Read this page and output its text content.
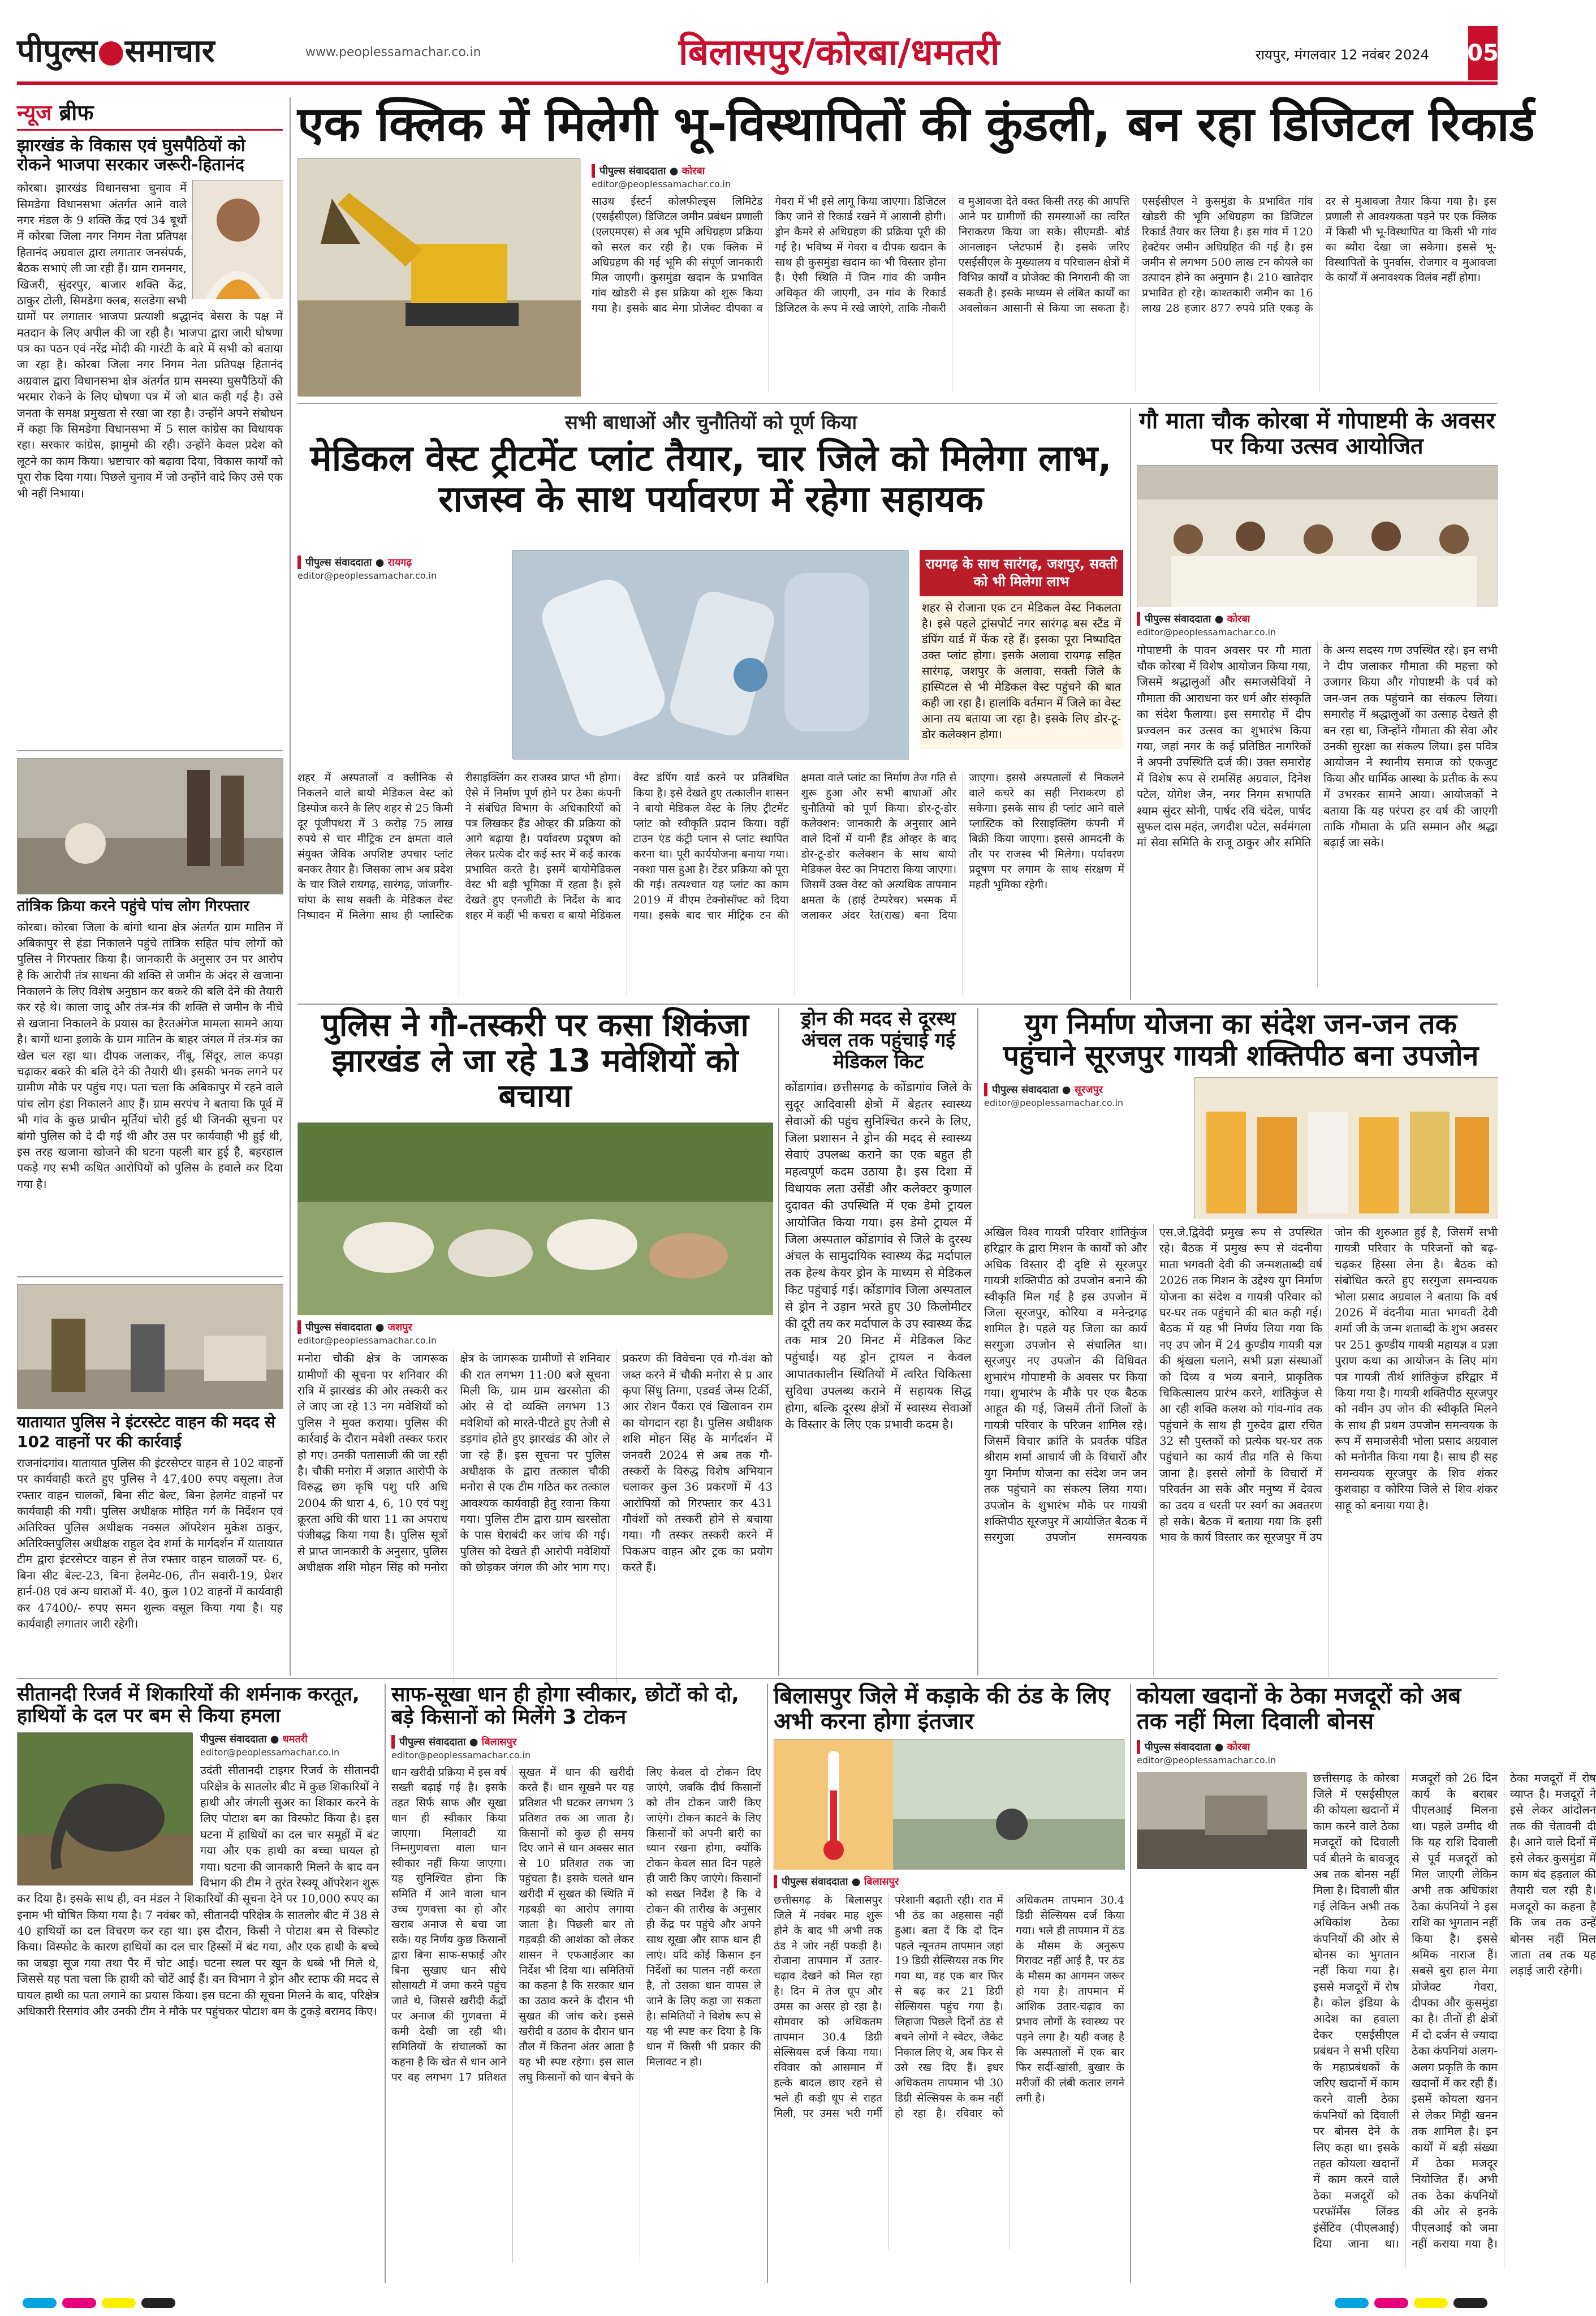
पीपुल्स●समाचार	www.peoplessamachar.co.in	बिलासपुर/कोरबा/धमतरी	रायपुर, मंगलवार 12 नवंबर 2024 05
न्यूज ब्रीफ
झारखंड के विकास एवं घुसपैठियों को रोकने भाजपा सरकार जरूरी-हितानंद
कोरबा। झारखंड विधानसभा चुनाव में सिमडेगा विधानसभा अंतर्गत आने वाले नगर मंडल के 9 शक्ति केंद्र एवं 34 बूथों में कोरबा जिला नगर निगम नेता प्रतिपक्ष हितानंद अग्रवाल द्वारा लगातार जनसंपर्क, बैठक सभाएं ली जा रही हैं। ग्राम रामनगर, खिजरी, सुंदरपुर, बाजार शक्ति केंद्र, ठाकुर टोली, सिमडेगा क्लब, सलडेगा सभी ग्रामों पर लगातार भाजपा प्रत्याशी श्रद्धानंद बेसरा के पक्ष में मतदान के लिए अपील की जा रही है। भाजपा द्वारा जारी घोषणा पत्र का पठन एवं नरेंद्र मोदी की गारंटी के बारे में सभी को बताया जा रहा है। कोरबा जिला नगर निगम नेता प्रतिपक्ष हितानंद अग्रवाल द्वारा विधानसभा क्षेत्र अंतर्गत ग्राम समस्या घुसपैठियों की भरमार रोकने के लिए घोषणा पत्र में जो बात कही गई है। उसे जनता के समक्ष प्रमुखता से रखा जा रहा है। उन्होंने अपने संबोधन में कहा कि सिमडेगा विधानसभा में 5 साल कांग्रेस का विधायक रहा। सरकार कांग्रेस, झामुमो की रही। उन्होंने केवल प्रदेश को लूटने का काम किया। भ्रष्टाचार को बढ़ावा दिया, विकास कार्यों को पूरा रोक दिया गया। पिछले चुनाव में जो उन्होंने वादे किए उसे एक भी नहीं निभाया।
तांत्रिक क्रिया करने पहुंचे पांच लोग गिरफ्तार
कोरबा। कोरबा जिला के बांगो थाना क्षेत्र अंतर्गत ग्राम मातिन में अबिकापुर से हंडा निकालने पहुंचे तांत्रिक सहित पांच लोगों को पुलिस ने गिरफ्तार किया है। जानकारी के अनुसार उन पर आरोप है कि आरोपी तंत्र साधना की शक्ति से जमीन के अंदर से खजाना निकालने के लिए विशेष अनुष्ठान कर बकरे की बलि देने की तैयारी कर रहे थे। काला जादू और तंत्र-मंत्र की शक्ति से जमीन के नीचे से खजाना निकालने के प्रयास का हैरतअंगेज मामला सामने आया है। बागों थाना इलाके के ग्राम मातिन के बाहर जंगल में तंत्र-मंत्र का खेल चल रहा था। दीपक जलाकर, नींबू, सिंदूर, लाल कपड़ा चढ़ाकर बकरे की बलि देने की तैयारी थी। इसकी भनक लगने पर ग्रामीण मौके पर पहुंच गए। पता चला कि अबिकापुर में रहने वाले पांच लोग हंडा निकालने आए हैं। ग्राम सरपंच ने बताया कि पूर्व में भी गांव के कुछ प्राचीन मूर्तियां चोरी हुई थी जिनकी सूचना पर बांगो पुलिस को दे दी गई थी और उस पर कार्यवाही भी हुई थी, इस तरह खजाना खोजने की घटना पहली बार हुई है, बहरहाल पकड़े गए सभी कथित आरोपियों को पुलिस के हवाले कर दिया गया है।
यातायात पुलिस ने इंटरस्टेट वाहन की मदद से 102 वाहनों पर की कार्रवाई
राजनांदगांव। यातायात पुलिस की इंटरसेप्टर वाहन से 102 वाहनों पर कार्यवाही करते हुए पुलिस ने 47,400 रुपए वसूला। तेज रफ्तार वाहन चालकों, बिना सीट बेल्ट, बिना हेलमेट वाहनों पर कार्यवाही की गयी। पुलिस अधीक्षक मोहित गर्ग के निर्देशन एवं अतिरिक्त पुलिस अधीक्षक नक्सल ऑपरेशन मुकेश ठाकुर, अतिरिक्तपुलिस अधीक्षक राहुल देव शर्मा के मार्गदर्शन में यातायात टीम द्वारा इंटरसेप्टर वाहन से तेज रफ्तार वाहन चालकों पर- 6, बिना सीट बेल्ट-23, बिना हेलमेट-06, तीन सवारी-19, प्रेशर हार्न-08 एवं अन्य धाराओं में- 40, कुल 102 वाहनों में कार्यवाही कर 47400/- रुपए समन शुल्क वसूल किया गया है। यह कार्यवाही लगातार जारी रहेगी।
एक क्लिक में मिलेगी भू-विस्थापितों की कुंडली, बन रहा डिजिटल रिकार्ड
पीपुल्स संवाददाता ● कोरबा
editor@peoplessamachar.co.in
साउथ ईस्टर्न कोलफील्ड्स लिमिटेड (एसईसीएल) डिजिटल जमीन प्रबंधन प्रणाली (एलएमएस) से अब भूमि अधिग्रहण प्रक्रिया को सरल कर रही है। एक क्लिक में अधिग्रहण की गई भूमि की संपूर्ण जानकारी मिल जाएगी। कुसमुंडा खदान के प्रभावित गांव खोडरी से इस प्रक्रिया को शुरू किया गया है। इसके बाद मेगा प्रोजेक्ट दीपका व गेवरा में भी इसे लागू किया जाएगा। डिजिटल किए जाने से रिकार्ड रखने में आसानी होगी। ड्रोन कैमरे से अधिग्रहण की प्रक्रिया पूरी की गई है। भविष्य में गेवरा व दीपक खदान के साथ ही कुसमुंडा खदान का भी विस्तार होना है। ऐसी स्थिति में जिन गांव की जमीन अधिकृत की जाएगी, उन गांव के रिकार्ड डिजिटल के रूप में रखे जाएंगे, ताकि नौकरी व मुआवजा देते वक्त किसी तरह की आपत्ति आने पर ग्रामीणों की समस्याओं का त्वरित निराकरण किया जा सके। सीएमडी- बोर्ड आनलाइन प्लेटफार्म है। इसके जरिए एसईसीएल के मुख्यालय व परिचालन क्षेत्रों में विभिन्न कार्यों व प्रोजेक्ट की निगरानी की जा सकती है। इसके माध्यम से लंबित कार्यों का अवलोकन आसानी से किया जा सकता है। एसईसीएल ने कुसमुंडा के प्रभावित गांव खोडरी की भूमि अधिग्रहण का डिजिटल रिकार्ड तैयार कर लिया है। इस गांव में 120 हेक्टेयर जमीन अधिग्रहित की गई है। इस जमीन से लगभग 500 लाख टन कोयले का उत्पादन होने का अनुमान है। 210 खातेदार प्रभावित हो रहे। काश्तकारी जमीन का 16 लाख 28 हजार 877 रुपये प्रति एकड़ के दर से मुआवजा तैयार किया गया है। इस प्रणाली से आवश्यकता पड़ने पर एक क्लिक में किसी भी भू-विस्थापित या किसी भी गांव का ब्यौरा देखा जा सकेगा। इससे भू-विस्थापितों के पुनर्वास, रोजगार व मुआवजा के कार्यों में अनावश्यक विलंब नहीं होगा।
सभी बाधाओं और चुनौतियों को पूर्ण किया
मेडिकल वेस्ट ट्रीटमेंट प्लांट तैयार, चार जिले को मिलेगा लाभ, राजस्व के साथ पर्यावरण में रहेगा सहायक
पीपुल्स संवाददाता ● रायगढ़
editor@peoplessamachar.co.in
रायगढ़ के साथ सारंगढ़, जशपुर, सक्ती को भी मिलेगा लाभ
शहर से रोजाना एक टन मेडिकल वेस्ट निकलता है। इसे पहले ट्रांसपोर्ट नगर सारंगढ़ बस स्टैंड में डंपिंग यार्ड में फेंक रहे हैं। इसका पूरा निष्पादित उक्त प्लांट होगा। इसके अलावा रायगढ़ सहित सारंगढ़, जशपुर के अलावा, सक्ती जिले के हास्पिटल से भी मेडिकल वेस्ट पहुंचने की बात कही जा रहा है। हालांकि वर्तमान में जिले का वेस्ट आना तय बताया जा रहा है। इसके लिए डोर-टू-डोर कलेक्शन होगा।
शहर में अस्पतालों व क्लीनिक से निकलने वाले बायो मेडिकल वेस्ट को डिस्पोज करने के लिए शहर से 25 किमी दूर पूंजीपथरा में 3 करोड़ 75 लाख रुपये से चार मीट्रिक टन क्षमता वाले संयुक्त जैविक अपशिष्ट उपचार प्लांट बनकर तैयार है। जिसका लाभ अब प्रदेश के चार जिले रायगढ़, सारंगढ़, जांजगीर-चांपा के साथ सक्ती के मेडिकल वेस्ट निष्पादन में मिलेगा साथ ही प्लास्टिक रीसाइक्लिंग कर राजस्व प्राप्त भी होगा। ऐसे में निर्माण पूर्ण होने पर ठेका कंपनी ने संबंधित विभाग के अधिकारियों को पत्र लिखकर हैंड ओव्हर की प्रक्रिया को आगे बढ़ाया है। पर्यावरण प्रदूषण को लेकर प्रत्येक दौर कई स्तर में कई कारक प्रभावित करते है। इसमें बायोमेडिकल वेस्ट भी बड़ी भूमिका में रहता है। इसे देखते हुए एनजीटी के निर्देश के बाद शहर में कहीं भी कचरा व बायो मेडिकल वेस्ट डंपिंग यार्ड करने पर प्रतिबंधित किया है। इसे देखते हुए तत्कालीन शासन ने बायो मेडिकल वेस्ट के लिए ट्रीटमेंट प्लांट को स्वीकृति प्रदान किया। वहीं टाउन एंड कंट्री प्लान से प्लांट स्थापित करना था। पूरी कार्ययोजना बनाया गया। नक्शा पास हुआ है। टेंडर प्रक्रिया को पूरा की गई। तत्पश्चात यह प्लांट का काम 2019 में वीएम टेक्नोसॉफ्ट को दिया गया। इसके बाद चार मीट्रिक टन की क्षमता वाले प्लांट का निर्माण तेज गति से शुरू हुआ और सभी बाधाओं और चुनौतियों को पूर्ण किया। डोर-टू-डोर कलेक्शन: जानकारी के अनुसार आने वाले दिनों में यानी हैंड ओव्हर के बाद डोर-टू-डोर कलेक्शन के साथ बायो मेडिकल वेस्ट का निपटारा किया जाएगा। जिसमें उक्त वेस्ट को अत्यधिक तापमान क्षमता के (हाई टेम्परेचर) भस्मक में जलाकर अंदर रेत(राख) बना दिया जाएगा। इससे अस्पतालों से निकलने वाले कचरे का सही निराकरण हो सकेगा। इसके साथ ही प्लांट आने वाले प्लास्टिक को रिसाइक्लिंग कंपनी में बिक्री किया जाएगा। इससे आमदनी के तौर पर राजस्व भी मिलेगा। पर्यावरण प्रदूषण पर लगाम के साथ संरक्षण में महती भूमिका रहेगी।
गौ माता चौक कोरबा में गोपाष्टमी के अवसर पर किया उत्सव आयोजित
पीपुल्स संवाददाता ● कोरबा
editor@peoplessamachar.co.in
गोपाष्टमी के पावन अवसर पर गौ माता चौक कोरबा में विशेष आयोजन किया गया, जिसमें श्रद्धालुओं और समाजसेवियों ने गौमाता की आराधना कर धर्म और संस्कृति का संदेश फैलाया। इस समारोह में दीप प्रज्वलन कर उत्सव का शुभारंभ किया गया, जहां नगर के कई प्रतिष्ठित नागरिकों ने अपनी उपस्थिति दर्ज की। उक्त समारोह में विशेष रूप से रामसिंह अग्रवाल, दिनेश पटेल, योगेश जैन, नगर निगम सभापति श्याम सुंदर सोनी, पार्षद रवि चंदेल, पार्षद सुफल दास महंत, जगदीश पटेल, सर्वमंगला मां सेवा समिति के राजू ठाकुर और समिति के अन्य सदस्य गण उपस्थित रहे। इन सभी ने दीप जलाकर गौमाता की महत्ता को उजागर किया और गोपाष्टमी के पर्व को जन-जन तक पहुंचाने का संकल्प लिया। समारोह में श्रद्धालुओं का उत्साह देखते ही बन रहा था, जिन्होंने गौमाता की सेवा और उनकी सुरक्षा का संकल्प लिया। इस पवित्र आयोजन ने स्थानीय समाज को एकजुट किया और धार्मिक आस्था के प्रतीक के रूप में उभरकर सामने आया। आयोजकों ने बताया कि यह परंपरा हर वर्ष की जाएगी ताकि गौमाता के प्रति सम्मान और श्रद्धा बढ़ाई जा सके।
पुलिस ने गौ-तस्करी पर कसा शिकंजा झारखंड ले जा रहे 13 मवेशियों को बचाया
पीपुल्स संवाददाता ● जशपुर
editor@peoplessamachar.co.in
मनोरा चौकी क्षेत्र के जागरूक ग्रामीणों की सूचना पर शनिवार की रात्रि में झारखंड की ओर तस्करी कर ले जाए जा रहे 13 नग मवेशियों को पुलिस ने मुक्त कराया। पुलिस की कार्रवाई के दौरान मवेशी तस्कर फरार हो गए। उनकी पतासाजी की जा रही है। चौकी मनोरा में अज्ञात आरोपी के विरुद्ध छग कृषि पशु परि अधि 2004 की धारा 4, 6, 10 एवं पशु क्रूरता अधि की धारा 11 का अपराध पंजीबद्ध किया गया है। पुलिस सूत्रों से प्राप्त जानकारी के अनुसार, पुलिस अधीक्षक शशि मोहन सिंह को मनोरा क्षेत्र के जागरूक ग्रामीणों से शनिवार की रात लगभग 11:00 बजे सूचना मिली कि, ग्राम ग्राम खरसोता की ओर से दो व्यक्ति लगभग 13 मवेशियों को मारते-पीटते हुए तेजी से डड़गांव होते हुए झारखंड की ओर ले जा रहे हैं। इस सूचना पर पुलिस अधीक्षक के द्वारा तत्काल चौकी मनोरा से एक टीम गठित कर तत्काल आवश्यक कार्यवाही हेतु रवाना किया गया। पुलिस टीम द्वारा ग्राम खरसोता के पास घेराबंदी कर जांच की गई। पुलिस को देखते ही आरोपी मवेशियों को छोड़कर जंगल की ओर भाग गए। प्रकरण की विवेचना एवं गौ-वंश को जब्त करने में चौकी मनोरा से प्र आर कृपा सिंधु तिग्गा, एडवर्ड जेम्स टिर्की, आर रोशन पैंकरा एवं खिलावन राम का योगदान रहा है। पुलिस अधीक्षक शशि मोहन सिंह के मार्गदर्शन में जनवरी 2024 से अब तक गौ-तस्करों के विरुद्ध विशेष अभियान चलाकर कुल 36 प्रकरणों में 43 आरोपियों को गिरफ्तार कर 431 गौवंशों को तस्करी होने से बचाया गया। गौ तस्कर तस्करी करने में पिकअप वाहन और ट्रक का प्रयोग करते हैं।
ड्रोन की मदद से दूरस्थ अंचल तक पहुंचाई गई मेडिकल किट
कोंडागांव। छत्तीसगढ़ के कोंडागांव जिले के सुदूर आदिवासी क्षेत्रों में बेहतर स्वास्थ्य सेवाओं की पहुंच सुनिश्चित करने के लिए, जिला प्रशासन ने ड्रोन की मदद से स्वास्थ्य सेवाएं उपलब्ध कराने का एक बहुत ही महत्वपूर्ण कदम उठाया है। इस दिशा में विधायक लता उसेंडी और कलेक्टर कुणाल दुदावत की उपस्थिति में एक डेमो ट्रायल आयोजित किया गया। इस डेमो ट्रायल में जिला अस्पताल कोंडागांव से जिले के दुरस्थ अंचल के सामुदायिक स्वास्थ्य केंद्र मर्दापाल तक हेल्थ केयर ड्रोन के माध्यम से मेडिकल किट पहुंचाई गई। कोंडागांव जिला अस्पताल से ड्रोन ने उड़ान भरते हुए 30 किलोमीटर की दूरी तय कर मर्दापाल के उप स्वास्थ्य केंद्र तक मात्र 20 मिनट में मेडिकल किट पहुंचाई। यह ड्रोन ट्रायल न केवल आपातकालीन स्थितियों में त्वरित चिकित्सा सुविधा उपलब्ध कराने में सहायक सिद्ध होगा, बल्कि दूरस्थ क्षेत्रों में स्वास्थ्य सेवाओं के विस्तार के लिए एक प्रभावी कदम है।
युग निर्माण योजना का संदेश जन-जन तक पहुंचाने सूरजपुर गायत्री शक्तिपीठ बना उपजोन
पीपुल्स संवाददाता ● सूरजपुर
editor@peoplessamachar.co.in
अखिल विश्व गायत्री परिवार शांतिकुंज हरिद्वार के द्वारा मिशन के कार्यों को और अधिक विस्तार दी दृष्टि से सूरजपुर गायत्री शक्तिपीठ को उपजोन बनाने की स्वीकृति मिल गई है इस उपजोन में जिला सूरजपुर, कोरिया व मनेन्द्रगढ़ शामिल है। पहले यह जिला का कार्य सरगुजा उपजोन से संचालित था। सूरजपुर नए उपजोन की विधिवत शुभारंभ गोपाष्टमी के अवसर पर किया गया। शुभारंभ के मौके पर एक बैठक आहूत की गई, जिसमें तीनों जिलों के गायत्री परिवार के परिजन शामिल रहे। जिसमें विचार क्रांति के प्रवर्तक पंडित श्रीराम शर्मा आचार्य जी के विचारों और युग निर्माण योजना का संदेश जन जन तक पहुंचाने का संकल्प लिया गया। उपजोन के शुभारंभ मौके पर गायत्री शक्तिपीठ सूरजपुर में आयोजित बैठक में सरगुजा उपजोन समन्वयक एस.जे.द्विवेदी प्रमुख रूप से उपस्थित रहे। बैठक में प्रमुख रूप से वंदनीया माता भगवती देवी की जन्मशताब्दी वर्ष 2026 तक मिशन के उद्देश्य युग निर्माण योजना का संदेश व गायत्री परिवार को घर-घर तक पहुंचाने की बात कही गई। बैठक में यह भी निर्णय लिया गया कि नए उप जोन में 24 कुण्डीय गायत्री यज्ञ की श्रृंखला चलाने, सभी प्रज्ञा संस्थाओं को दिव्य व भव्य बनाने, प्राकृतिक चिकित्सालय प्रारंभ करने, शांतिकुंज से आ रही शक्ति कलश को गांव-गांव तक पहुंचाने के साथ ही गुरुदेव द्वारा रचित 32 सौ पुस्तकों को प्रत्येक घर-घर तक पहुंचाने का कार्य तीव्र गति से किया जाना है। इससे लोगों के विचारों में परिवर्तन आ सके और मनुष्य में देवत्व का उदय व धरती पर स्वर्ग का अवतरण हो सके। बैठक में बताया गया कि इसी भाव के कार्य विस्तार कर सूरजपुर में उप जोन की शुरुआत हुई है, जिसमें सभी गायत्री परिवार के परिजनों को बढ़-चढ़कर हिस्सा लेना है। बैठक को संबोधित करते हुए सरगुजा समन्वयक भोला प्रसाद अग्रवाल ने बताया कि वर्ष 2026 में वंदनीया माता भगवती देवी शर्मा जी के जन्म शताब्दी के शुभ अवसर पर 251 कुण्डीय गायत्री महायज्ञ व प्रज्ञा पुराण कथा का आयोजन के लिए मांग पत्र गायत्री तीर्थ शांतिकुंज हरिद्वार में किया गया है। गायत्री शक्तिपीठ सूरजपुर को नवीन उप जोन की स्वीकृति मिलने के साथ ही प्रथम उपजोन समन्वयक के रूप में समाजसेवी भोला प्रसाद अग्रवाल को मनोनीत किया गया है। साथ ही सह समन्वयक सूरजपुर के शिव शंकर कुशवाहा व कोरिया जिले से शिव शंकर साहू को बनाया गया है।
सीतानदी रिजर्व में शिकारियों की शर्मनाक करतूत, हाथियों के दल पर बम से किया हमला
पीपुल्स संवाददाता ● धमतरी
editor@peoplessamachar.co.in
उदंती सीतानदी टाइगर रिजर्व के सीतानदी परिक्षेत्र के सातलोर बीट में कुछ शिकारियों ने हाथी और जंगली सुअर का शिकार करने के लिए पोटाश बम का विस्फोट किया है। इस घटना में हाथियों का दल चार समूहों में बंट गया और एक हाथी का बच्चा घायल हो गया। घटना की जानकारी मिलने के बाद वन विभाग की टीम ने तुरंत रेस्क्यू ऑपरेशन शुरू कर दिया है। इसके साथ ही, वन मंडल ने शिकारियों की सूचना देने पर 10,000 रुपए का इनाम भी घोषित किया गया है। 7 नवंबर को, सीतानदी परिक्षेत्र के सातलोर बीट में 38 से 40 हाथियों का दल विचरण कर रहा था। इस दौरान, किसी ने पोटाश बम से विस्फोट किया। विस्फोट के कारण हाथियों का दल चार हिस्सों में बंट गया, और एक हाथी के बच्चे का जबड़ा सूज गया तथा पैर में चोट आई। घटना स्थल पर खून के धब्बे भी मिले थे, जिससे यह पता चला कि हाथी को चोटें आई हैं। वन विभाग ने ड्रोन और स्टाफ की मदद से घायल हाथी का पता लगाने का प्रयास किया। इस घटना की सूचना मिलने के बाद, परिक्षेत्र अधिकारी रिसगांव और उनकी टीम ने मौके पर पहुंचकर पोटाश बम के टुकड़े बरामद किए।
साफ-सूखा धान ही होगा स्वीकार, छोटों को दो, बड़े किसानों को मिलेंगे 3 टोकन
पीपुल्स संवाददाता ● बिलासपुर
editor@peoplessamachar.co.in
धान खरीदी प्रक्रिया में इस वर्ष सख्ती बढ़ाई गई है। इसके तहत सिर्फ साफ और सूखा धान ही स्वीकार किया जाएगा। मिलावटी या निम्नगुणवत्ता वाला धान स्वीकार नहीं किया जाएगा। यह सुनिश्चित होना कि समिति में आने वाला धान उच्च गुणवत्ता का हो और खराब अनाज से बचा जा सके। यह निर्णय कुछ किसानों द्वारा बिना साफ-सफाई और बिना सुखाए धान सीधे सोसायटी में जमा करने पहुंच जाते थे, जिससे खरीदी केंद्रों पर अनाज की गुणवत्ता में कमी देखी जा रही थी। समितियों के संचालकों का कहना है कि खेत से धान आने पर वह लगभग 17 प्रतिशत सूखत में धान की खरीदी करते हैं। धान सूखने पर यह प्रतिशत भी घटकर लगभग 3 प्रतिशत तक आ जाता है। किसानों को कुछ ही समय दिए जाने से धान अक्सर सात से 10 प्रतिशत तक जा पहुंचता है। इसके चलते धान खरीदी में सुखत की स्थिति में गड़बड़ी का आरोप लगाया जाता है। पिछली बार तो गड़बड़ी की आशंका को लेकर शासन ने एफआईआर का निर्देश भी दिया था। समितियों का कहना है कि सरकार धान का उठाव करने के दौरान भी सुखत की जांच करे। इससे खरीदी व उठाव के दौरान धान तौल में कितना अंतर आता है यह भी स्पष्ट रहेगा। इस साल लघु किसानों को धान बेचने के लिए केवल दो टोकन दिए जाएंगे, जबकि दीर्घ किसानों को तीन टोकन जारी किए जाएंगे। टोकन काटने के लिए किसानों को अपनी बारी का ध्यान रखना होगा, क्योंकि टोकन केवल सात दिन पहले ही जारी किए जाएंगे। किसानों को सख्त निर्देश है कि वे टोकन की तारीख के अनुसार ही केंद्र पर पहुंचे और अपने साथ सूखा और साफ धान ही लाएं। यदि कोई किसान इन निर्देशों का पालन नहीं करता है, तो उसका धान वापस ले जाने के लिए कहा जा सकता है। समितियों ने विशेष रूप से यह भी स्पष्ट कर दिया है कि धान में किसी भी प्रकार की मिलावट न हो।
बिलासपुर जिले में कड़ाके की ठंड के लिए अभी करना होगा इंतजार
पीपुल्स संवाददाता ● बिलासपुर
छत्तीसगढ़ के बिलासपुर जिले में नवंबर माह शुरू होने के बाद भी अभी तक ठंड ने जोर नहीं पकड़ी है। रोजाना तापमान में उतार-चढ़ाव देखने को मिल रहा है। दिन में तेज धूप और उमस का असर हो रहा है। सोमवार को अधिकतम तापमान 30.4 डिग्री सेल्सियस दर्ज किया गया। रविवार को आसमान में हल्के बादल छाए रहने से भले ही कड़ी धूप से राहत मिली, पर उमस भरी गर्मी परेशानी बढ़ाती रही। रात में भी ठंड का अहसास नहीं हुआ। बता दें कि दो दिन पहले न्यूनतम तापमान जहां 19 डिग्री सेल्सियस तक गिर गया था, वह एक बार फिर से बढ़ कर 21 डिग्री सेल्सियस पहुंच गया है। लिहाजा पिछले दिनों ठंड से बचने लोगों ने स्वेटर, जैकेट निकाल लिए थे, अब फिर से उसे रख दिए हैं। इधर अधिकतम तापमान भी 30 डिग्री सेल्सियस के कम नहीं हो रहा है। रविवार को अधिकतम तापमान 30.4 डिग्री सेल्सियस दर्ज किया गया। भले ही तापमान में ठंड के मौसम के अनुरूप गिरावट नहीं आई है, पर ठंड के मौसम का आगमन जरूर हो गया है। तापमान में आंशिक उतार-चढ़ाव का प्रभाव लोगों के स्वास्थ्य पर पड़ने लगा है। यही वजह है कि अस्पतालों में एक बार फिर सर्दी-खांसी, बुखार के मरीजों की लंबी कतार लगने लगी है।
कोयला खदानों के ठेका मजदूरों को अब तक नहीं मिला दिवाली बोनस
पीपुल्स संवाददाता ● कोरबा
editor@peoplessamachar.co.in
छत्तीसगढ़ के कोरबा जिले में एसईसीएल की कोयला खदानों में काम करने वाले ठेका मजदूरों को दिवाली पर्व बीतने के बावजूद अब तक बोनस नहीं मिला है। दिवाली बीत गई लेकिन अभी तक अधिकांश ठेका कंपनियों की ओर से बोनस का भुगतान नहीं किया गया है। इससे मजदूरों में रोष है। कोल इंडिया के आदेश का हवाला देकर एसईसीएल प्रबंधन ने सभी एरिया के महाप्रबंधकों के जरिए खदानों में काम करने वाली ठेका कंपनियों को दिवाली पर बोनस देने के लिए कहा था। इसके तहत कोयला खदानों में काम करने वाले ठेका मजदूरों को परफॉर्मेंस लिंक्ड इंसेंटिव (पीएलआई) दिया जाना था। मजदूरों को 26 दिन कार्य के बराबर पीएलआई मिलना था। पहले उम्मीद थी कि यह राशि दिवाली से पूर्व मजदूरों को मिल जाएगी लेकिन अभी तक अधिकांश ठेका कंपनियों ने इस राशि का भुगतान नहीं किया है। इससे श्रमिक नाराज हैं। सबसे बुरा हाल मेगा प्रोजेक्ट गेवरा, दीपका और कुसमुंडा का है। तीनों ही क्षेत्रों में दो दर्जन से ज्यादा ठेका कंपनियां अलग-अलग प्रकृति के काम खदानों में कर रही हैं। इसमें कोयला खनन से लेकर मिट्टी खनन तक शामिल है। इन कार्यों में बड़ी संख्या में ठेका मजदूर नियोजित हैं। अभी तक ठेका कंपनियों की ओर से इनके पीएलआई को जमा नहीं कराया गया है। ठेका मजदूरों में रोष व्याप्त है। मजदूरों ने इसे लेकर आंदोलन तक की चेतावनी दी है। आने वाले दिनों में इसे लेकर कुसमुंडा में काम बंद हड़ताल की तैयारी चल रही है। मजदूरों का कहना है कि जब तक उन्हें बोनस नहीं मिल जाता तब तक यह लड़ाई जारी रहेगी।
